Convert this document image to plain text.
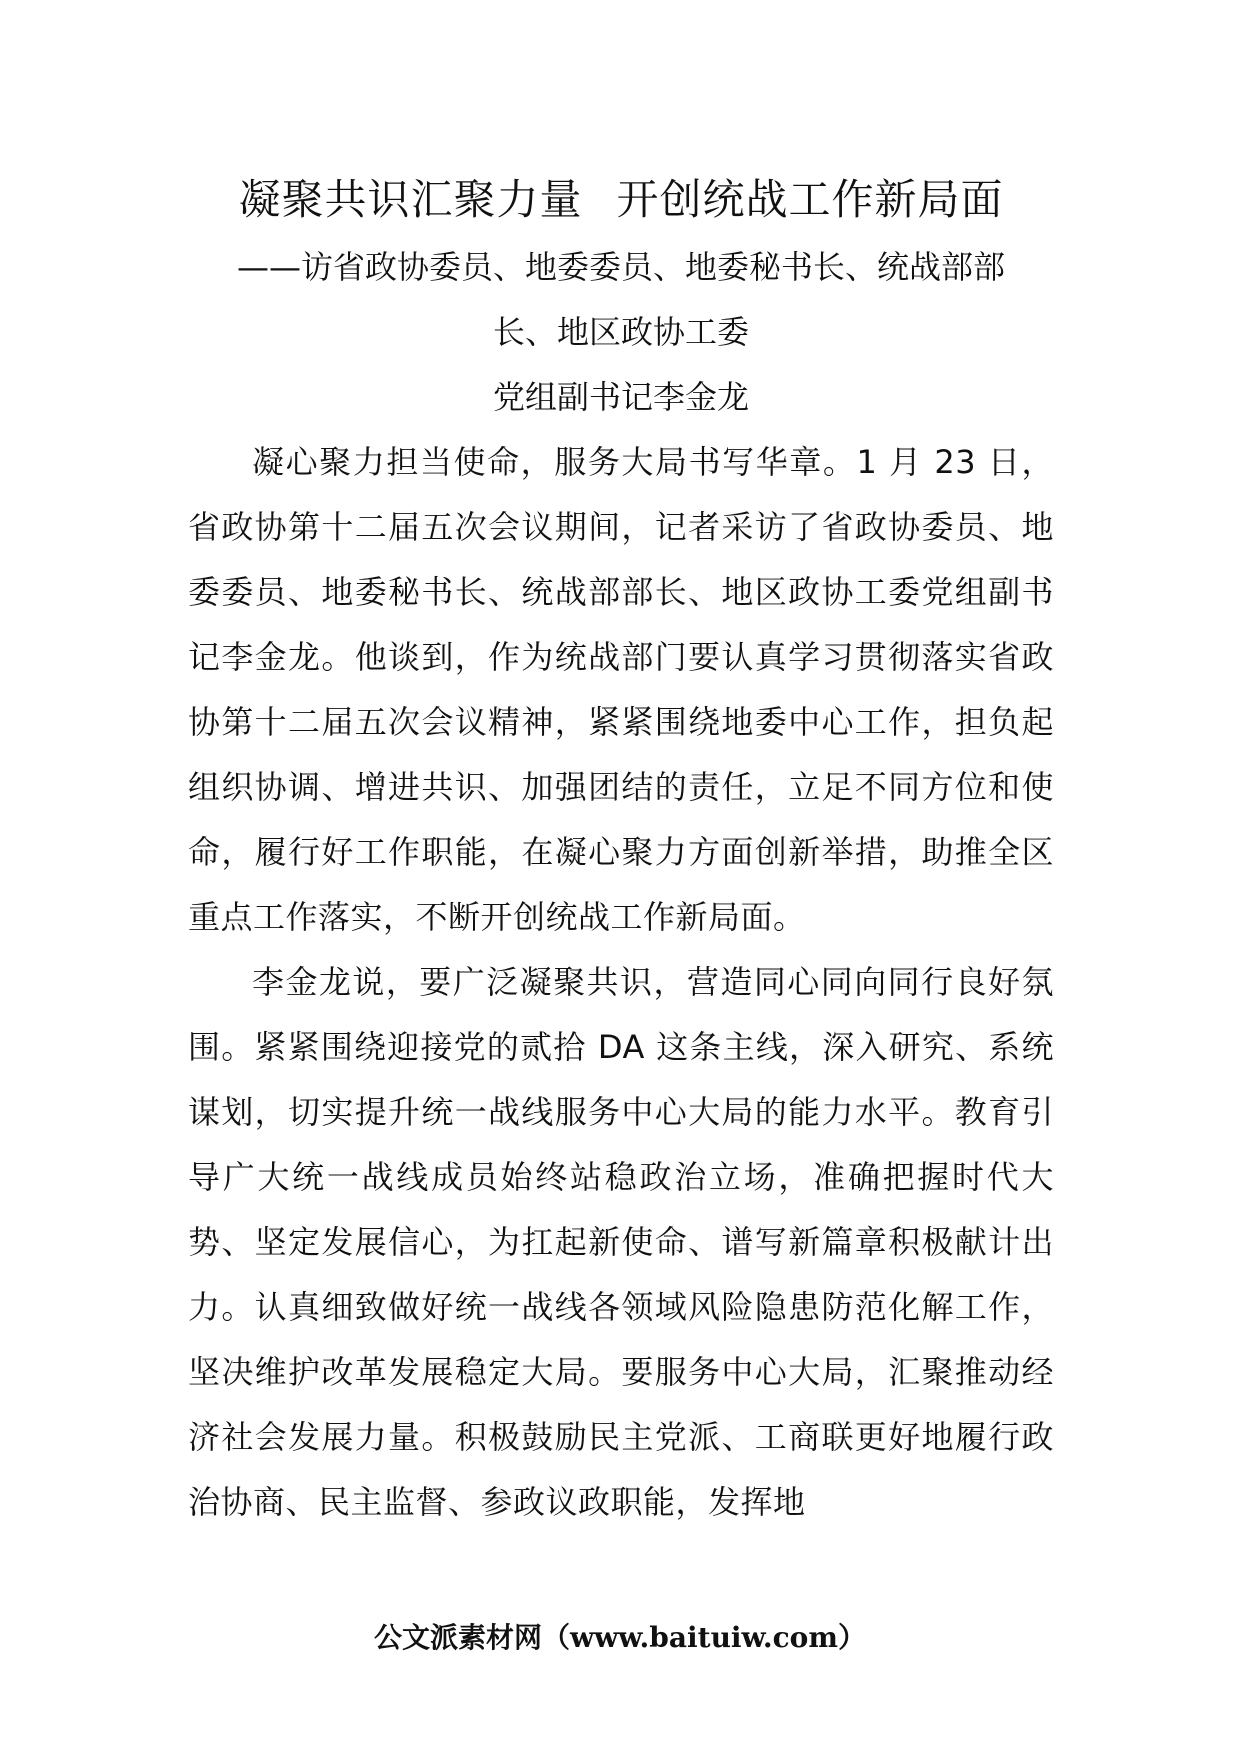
凝聚共识汇聚力量 开创统战工作新局面

——访省政协委员、地委委员、地委秘书长、统战部部

长、地区政协工委

党组副书记李金龙

凝心聚力担当使命，服务大局书写华章。1 月 23 日，省政协第十二届五次会议期间，记者采访了省政协委员、地委委员、地委秘书长、统战部部长、地区政协工委党组副书记李金龙。他谈到，作为统战部门要认真学习贯彻落实省政协第十二届五次会议精神，紧紧围绕地委中心工作，担负起组织协调、增进共识、加强团结的责任，立足不同方位和使命，履行好工作职能，在凝心聚力方面创新举措，助推全区重点工作落实，不断开创统战工作新局面。

李金龙说，要广泛凝聚共识，营造同心同向同行良好氛围。紧紧围绕迎接党的贰拾 DA 这条主线，深入研究、系统谋划，切实提升统一战线服务中心大局的能力水平。教育引导广大统一战线成员始终站稳政治立场，准确把握时代大势、坚定发展信心，为扛起新使命、谱写新篇章积极献计出力。认真细致做好统一战线各领域风险隐患防范化解工作，坚决维护改革发展稳定大局。要服务中心大局，汇聚推动经济社会发展力量。积极鼓励民主党派、工商联更好地履行政治协商、民主监督、参政议政职能，发挥地

公文派素材网（www.baituiw.com）
